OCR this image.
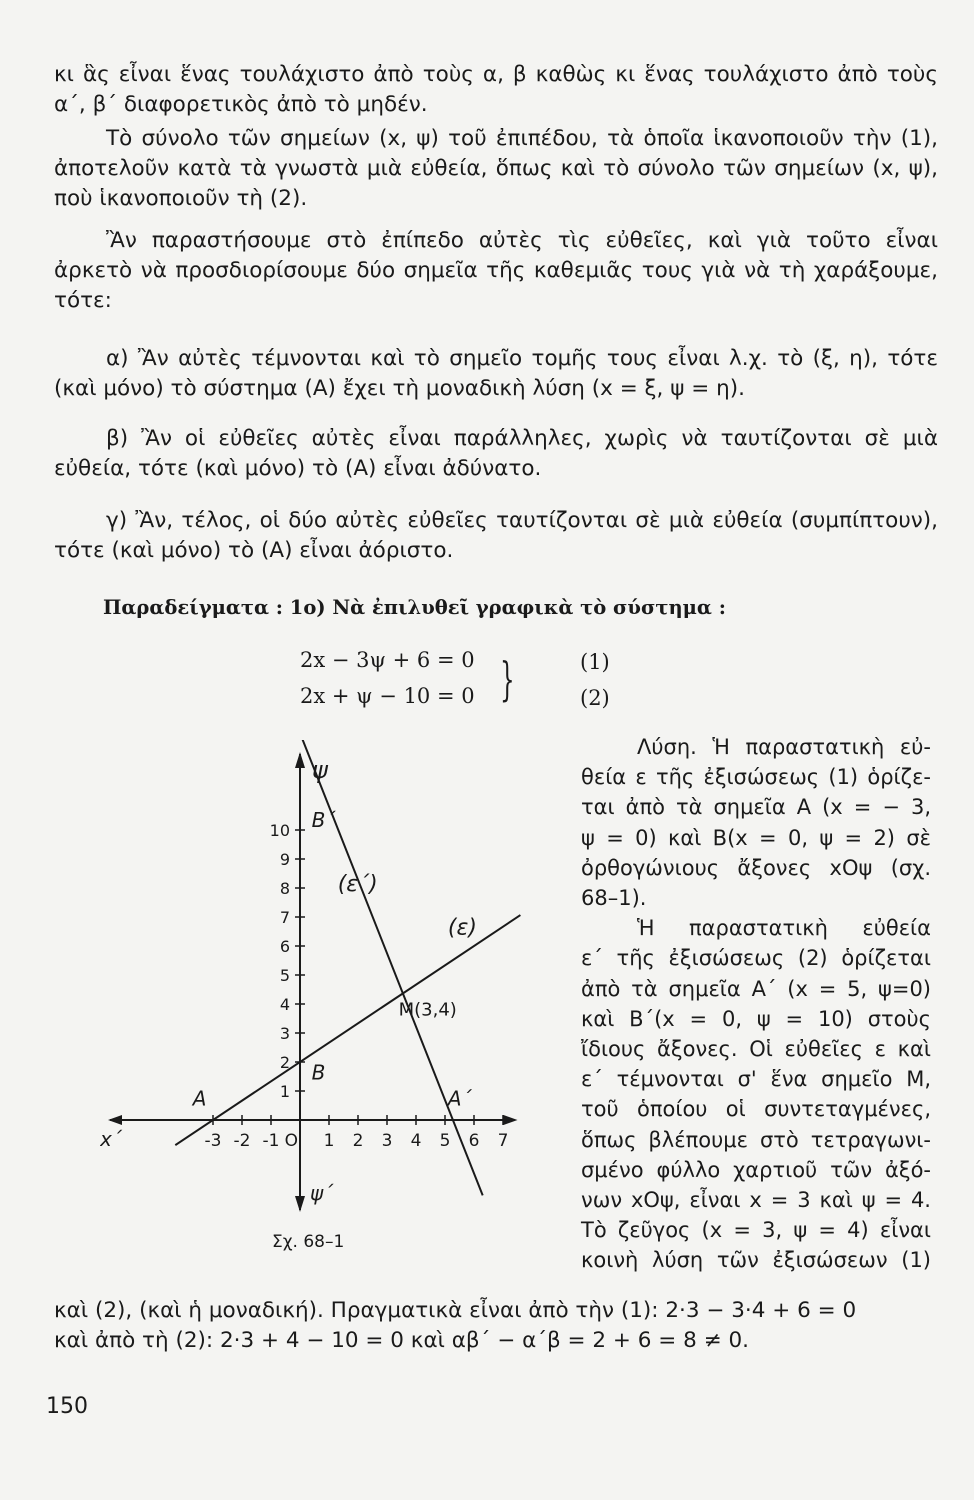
κι ἃς εἶναι ἕνας τουλάχιστο ἀπὸ τοὺς α, β καθὼς κι ἕνας τουλάχιστο ἀπὸ τοὺς α΄, β΄ διαφορετικὸς ἀπὸ τὸ μηδέν.

Τὸ σύνολο τῶν σημείων (x, ψ) τοῦ ἐπιπέδου, τὰ ὁποῖα ἱκανοποιοῦν τὴν (1), ἀποτελοῦν κατὰ τὰ γνωστὰ μιὰ εὐθεία, ὅπως καὶ τὸ σύνολο τῶν σημείων (x, ψ), ποὺ ἱκανοποιοῦν τὴ (2).

Ἂν παραστήσουμε στὸ ἐπίπεδο αὐτὲς τὶς εὐθεῖες, καὶ γιὰ τοῦτο εἶναι ἀρκετὸ νὰ προσδιορίσουμε δύο σημεῖα τῆς καθεμιᾶς τους γιὰ νὰ τὴ χαράξουμε, τότε:

α) Ἂν αὐτὲς τέμνονται καὶ τὸ σημεῖο τομῆς τους εἶναι λ.χ. τὸ (ξ, η), τότε (καὶ μόνο) τὸ σύστημα (Α) ἔχει τὴ μοναδικὴ λύση (x = ξ, ψ = η).

β) Ἂν οἱ εὐθεῖες αὐτὲς εἶναι παράλληλες, χωρὶς νὰ ταυτίζονται σὲ μιὰ εὐθεία, τότε (καὶ μόνο) τὸ (Α) εἶναι ἀδύνατο.

γ) Ἂν, τέλος, οἱ δύο αὐτὲς εὐθεῖες ταυτίζονται σὲ μιὰ εὐθεία (συμπίπτουν), τότε (καὶ μόνο) τὸ (Α) εἶναι ἀόριστο.

Παραδείγματα : 1ο) Νὰ ἐπιλυθεῖ γραφικὰ τὸ σύστημα :
2x − 3ψ + 6 = 0
2x + ψ − 10 = 0 }	(1)
(2)
Λύση. Ἡ παραστατικὴ εὐ-
θεία ε τῆς ἐξισώσεως (1) ὁρίζε-
ται ἀπὸ τὰ σημεῖα Α (x = − 3,
ψ = 0) καὶ Β(x = 0, ψ = 2) σὲ
ὀρθογώνιους ἄξονες xOψ (σχ.
68–1).
Ἡ παραστατικὴ εὐθεία
ε΄ τῆς ἐξισώσεως (2) ὁρίζεται
ἀπὸ τὰ σημεῖα Α΄ (x = 5, ψ=0)
καὶ Β΄(x = 0, ψ = 10) στοὺς
ἴδιους ἄξονες. Οἱ εὐθεῖες ε καὶ
ε΄ τέμνονται σ' ἕνα σημεῖο Μ,
τοῦ ὁποίου οἱ συντεταγμένες,
ὅπως βλέπουμε στὸ τετραγωνι-
σμένο φύλλο χαρτιοῦ τῶν ἀξό-
νων xOψ, εἶναι x = 3 καὶ ψ = 4.
Τὸ ζεῦγος (x = 3, ψ = 4) εἶναι
κοινὴ λύση τῶν ἐξισώσεων (1)

καὶ (2), (καὶ ἡ μοναδική). Πραγματικὰ εἶναι ἀπὸ τὴν (1): 2·3 − 3·4 + 6 = 0

καὶ ἀπὸ τὴ (2): 2·3 + 4 − 10 = 0 καὶ αβ΄ − α΄β = 2 + 6 = 8 ≠ 0.

1 2 3 4 5 6 7
-3 -2 -1
1
2
3
4
5
6
7
8
9
10
O
ψ
ψ΄
x΄
(ε)
(ε΄)
A
B
A΄
B΄
M(3,4)
Σχ. 68–1
150
